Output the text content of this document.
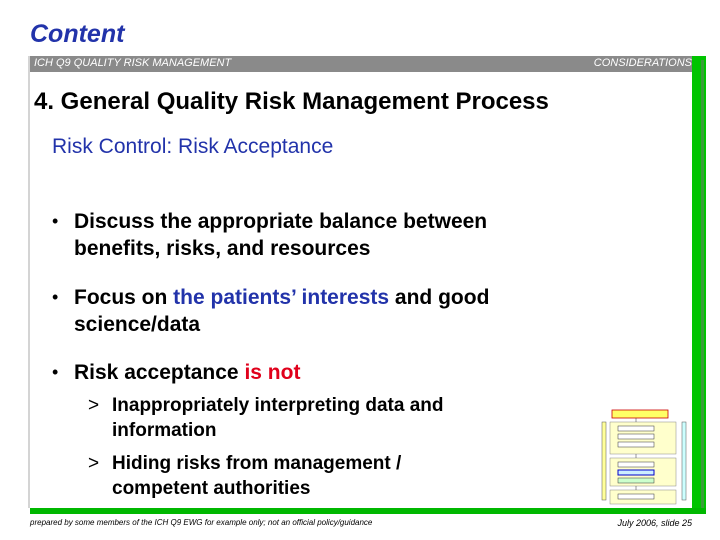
Content
ICH Q9 QUALITY RISK MANAGEMENT	CONSIDERATIONS
4. General Quality Risk Management Process
Risk Control: Risk Acceptance
• Discuss the appropriate balance between benefits, risks, and resources
• Focus on the patients’ interests and good science/data
• Risk acceptance is not
> Inappropriately interpreting data and information
> Hiding risks from management / competent authorities
prepared by some members of the ICH Q9 EWG for example only; not an official policy/guidance	July 2006, slide 25
